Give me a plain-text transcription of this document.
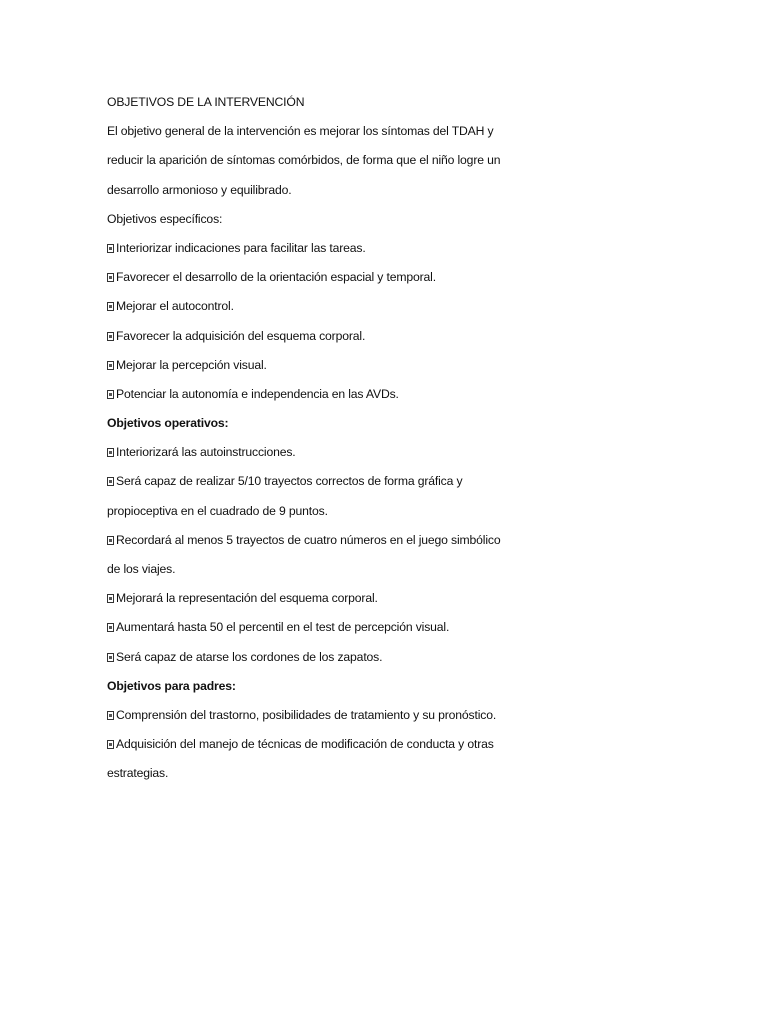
OBJETIVOS DE LA INTERVENCIÓN
El objetivo general de la intervención es mejorar los síntomas del TDAH y
reducir la aparición de síntomas comórbidos, de forma que el niño logre un
desarrollo armonioso y equilibrado.
Objetivos específicos:
Interiorizar indicaciones para facilitar las tareas.
Favorecer el desarrollo de la orientación espacial y temporal.
Mejorar el autocontrol.
Favorecer la adquisición del esquema corporal.
Mejorar la percepción visual.
Potenciar la autonomía e independencia en las AVDs.
Objetivos operativos:
Interiorizará las autoinstrucciones.
Será capaz de realizar 5/10 trayectos correctos de forma gráfica y
propioceptiva en el cuadrado de 9 puntos.
Recordará al menos 5 trayectos de cuatro números en el juego simbólico
de los viajes.
Mejorará la representación del esquema corporal.
Aumentará hasta 50 el percentil en el test de percepción visual.
Será capaz de atarse los cordones de los zapatos.
Objetivos para padres:
Comprensión del trastorno, posibilidades de tratamiento y su pronóstico.
Adquisición del manejo de técnicas de modificación de conducta y otras
estrategias.
